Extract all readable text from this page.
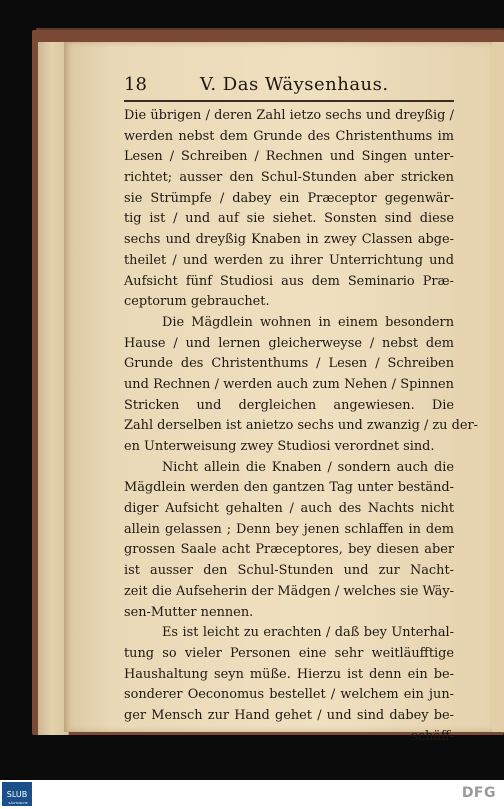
18	V. Das Wäysenhaus.
Die übrigen / deren Zahl ietzo sechs und dreyßig /
werden nebst dem Grunde des Christenthums im
Lesen / Schreiben / Rechnen und Singen unter-
richtet; ausser den Schul-Stunden aber stricken
sie Strümpfe / dabey ein Præceptor gegenwär-
tig ist / und auf sie siehet. Sonsten sind diese
sechs und dreyßig Knaben in zwey Classen abge-
theilet / und werden zu ihrer Unterrichtung und
Aufsicht fünf Studiosi aus dem Seminario Præ-
ceptorum gebrauchet.
Die Mägdlein wohnen in einem besondern
Hause / und lernen gleicherweyse / nebst dem
Grunde des Christenthums / Lesen / Schreiben
und Rechnen / werden auch zum Nehen / Spinnen
Stricken und dergleichen angewiesen. Die
Zahl derselben ist anietzo sechs und zwanzig / zu der-
en Unterweisung zwey Studiosi verordnet sind.
Nicht allein die Knaben / sondern auch die
Mägdlein werden den gantzen Tag unter beständ-
diger Aufsicht gehalten / auch des Nachts nicht
allein gelassen ; Denn bey jenen schlaffen in dem
grossen Saale acht Præceptores, bey diesen aber
ist ausser den Schul-Stunden und zur Nacht-
zeit die Aufseherin der Mädgen / welches sie Wäy-
sen-Mutter nennen.
Es ist leicht zu erachten / daß bey Unterhal-
tung so vieler Personen eine sehr weitläufftige
Haushaltung seyn müße. Hierzu ist denn ein be-
sonderer Oeconomus bestellet / welchem ein jun-
ger Mensch zur Hand gehet / und sind dabey be-
schäff-
SLUB
SÄCHSISCHE LANDESBIBLIOTHEK
DFG
